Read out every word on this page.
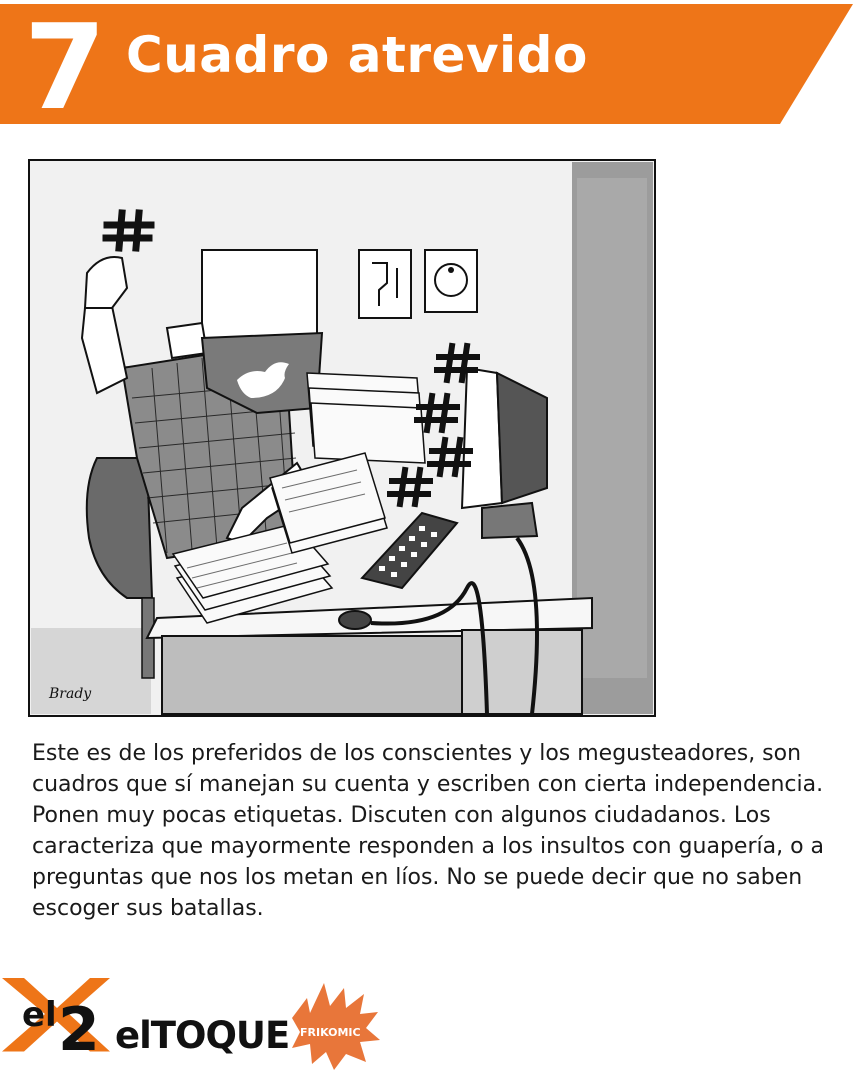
7 Cuadro atrevido
Brady

Este es de los preferidos de los conscientes y los megusteadores, son cuadros que sí manejan su cuenta y escriben con cierta independencia. Ponen muy pocas etiquetas. Discuten con algunos ciudadanos. Los caracteriza que mayormente responden a los insultos con guapería, o a preguntas que nos los metan en líos. No se puede decir que no saben escoger sus batallas.

el 2 elTOQUE FRIKOMIC
